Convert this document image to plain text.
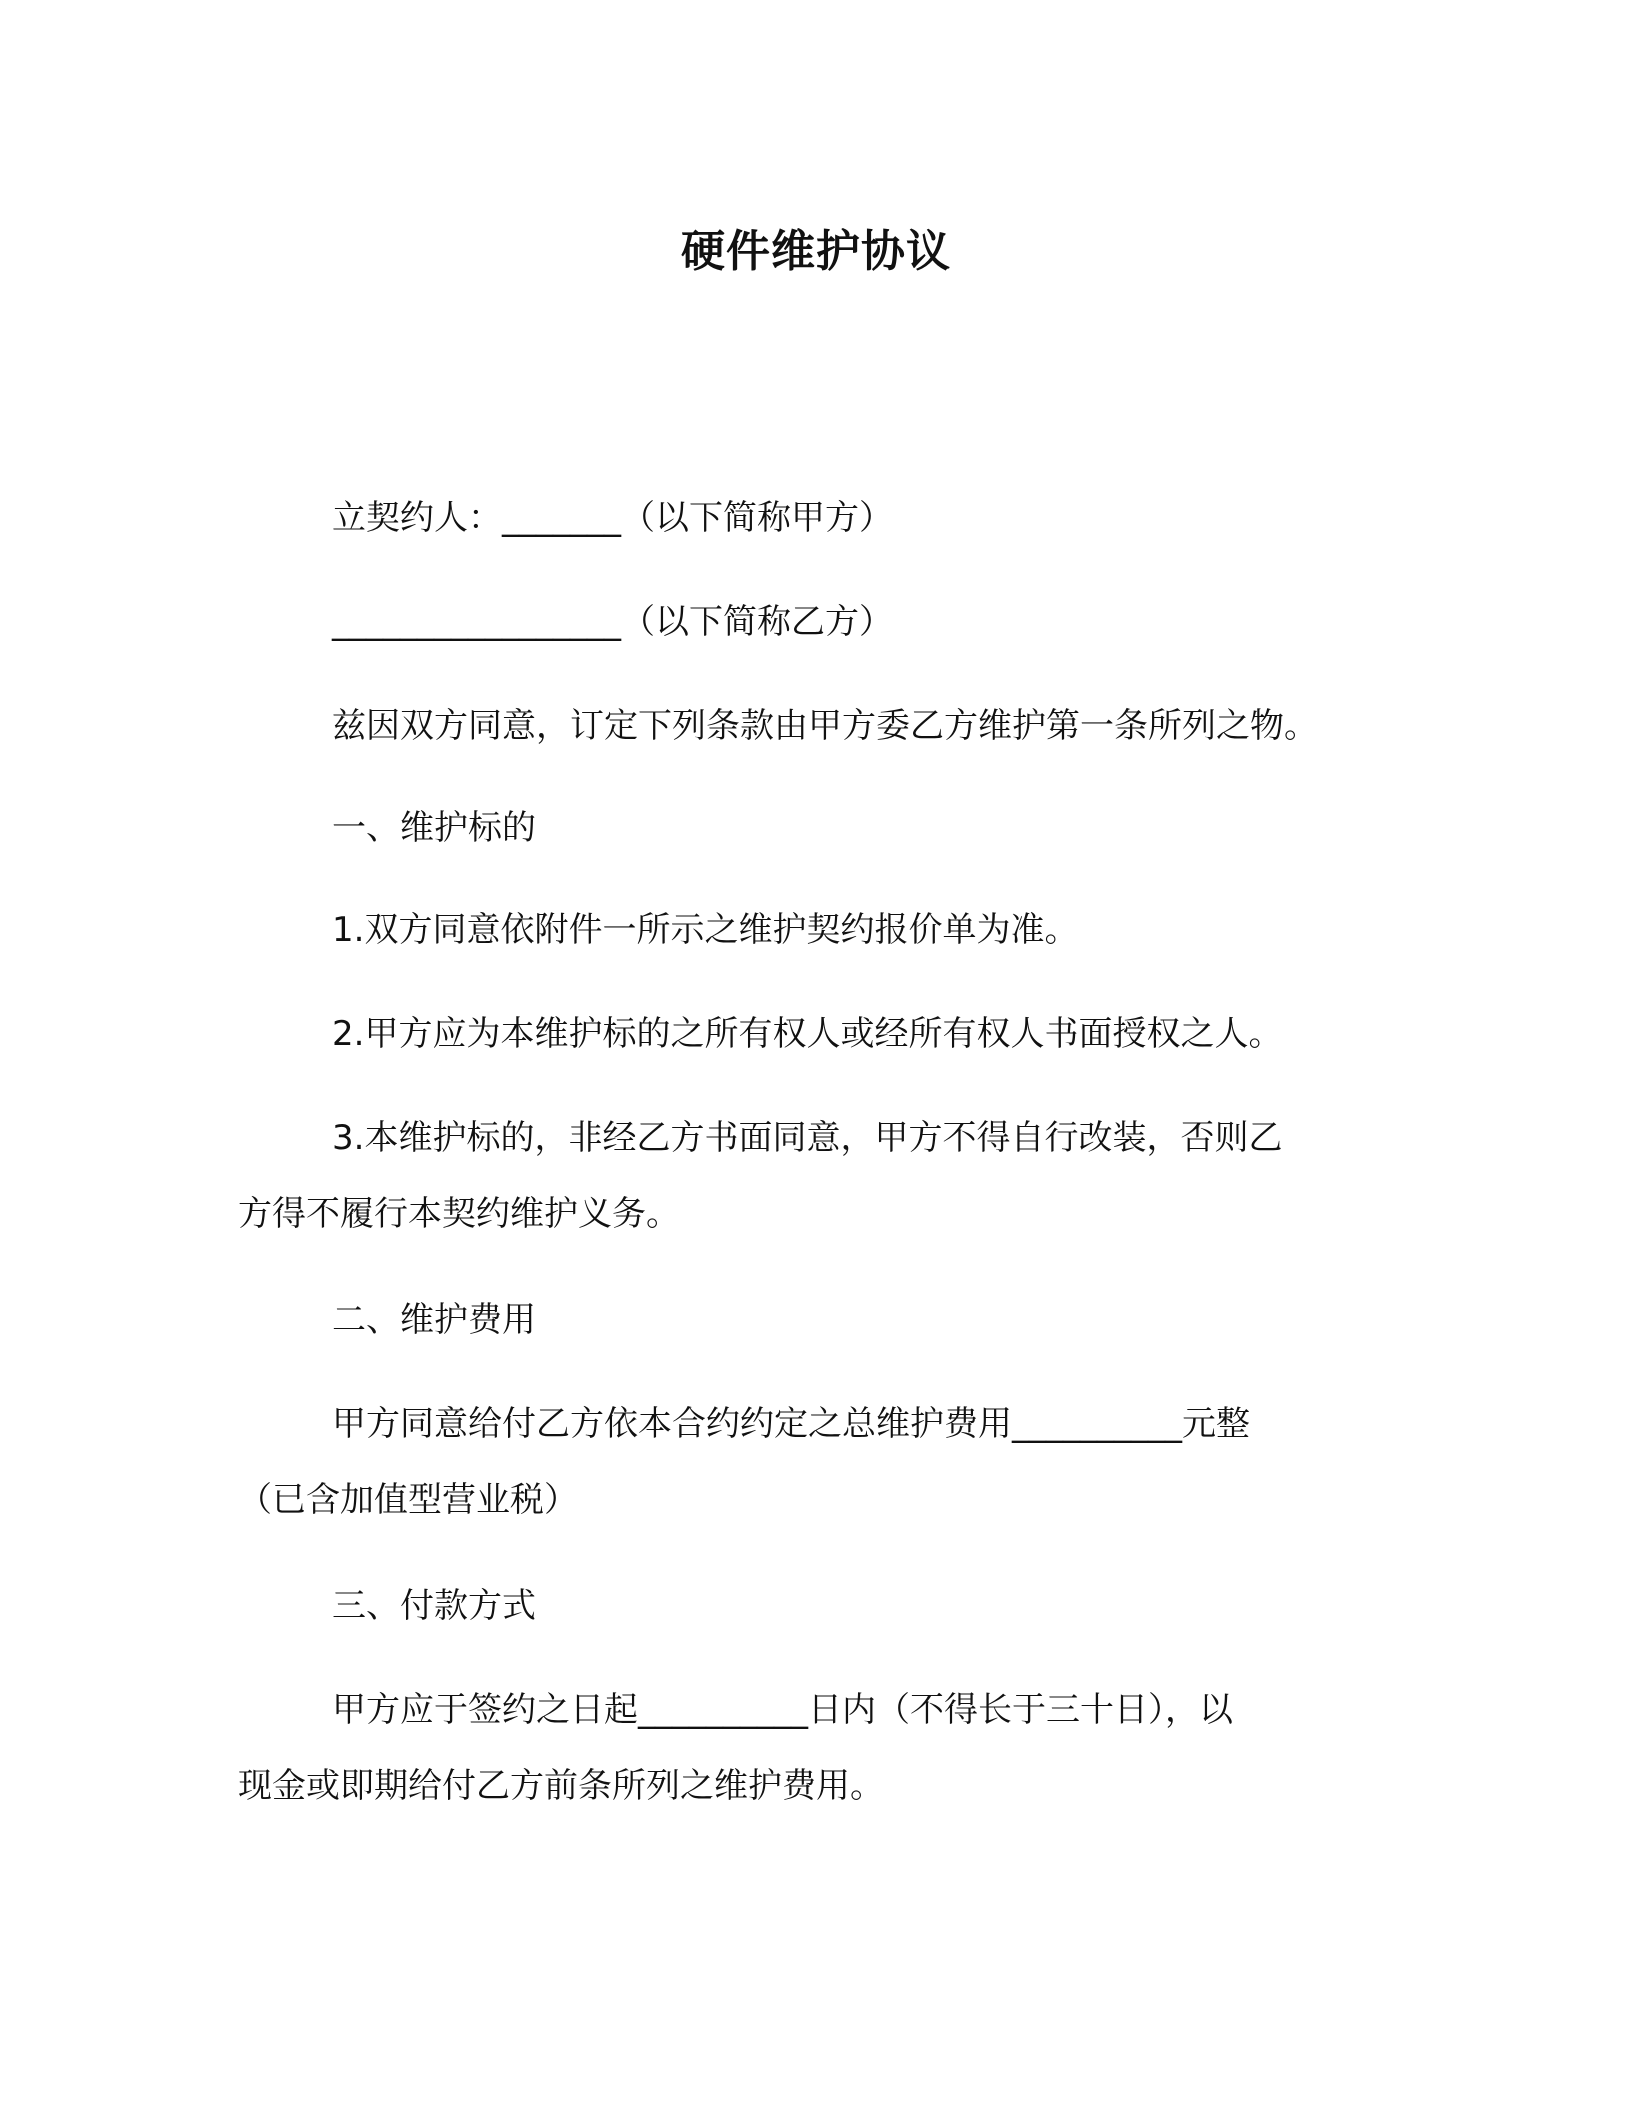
硬件维护协议
立契约人：_______（以下简称甲方）
_________________（以下简称乙方）
兹因双方同意，订定下列条款由甲方委乙方维护第一条所列之物。
一、维护标的
1.双方同意依附件一所示之维护契约报价单为准。
2.甲方应为本维护标的之所有权人或经所有权人书面授权之人。
3.本维护标的，非经乙方书面同意，甲方不得自行改装，否则乙
方得不履行本契约维护义务。
二、维护费用
甲方同意给付乙方依本合约约定之总维护费用__________元整
（已含加值型营业税）
三、付款方式
甲方应于签约之日起__________日内（不得长于三十日），以
现金或即期给付乙方前条所列之维护费用。
